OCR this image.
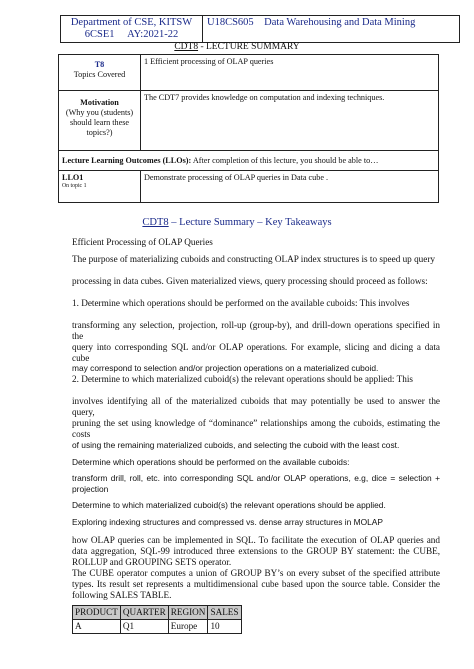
Department of CSE, KITSW
6CSE1     AY:2021-22
	U18CS605    Data Warehousing and Data Mining
CDT8 - LECTURE SUMMARY
T8
Topics Covered	1 Efficient processing of OLAP queries

Motivation
(Why you (students) should learn these topics?)	The CDT7 provides knowledge on computation and indexing techniques.
Lecture Learning Outcomes (LLOs): After completion of this lecture, you should be able to…	

LLO1
On topic 1	Demonstrate processing of OLAP queries in Data cube .
CDT8 – Lecture Summary – Key Takeaways
Efficient Processing of OLAP Queries
The purpose of materializing cuboids and constructing OLAP index structures is to speed up query
processing in data cubes. Given materialized views, query processing should proceed as follows:
1. Determine which operations should be performed on the available cuboids: This involves
transforming any selection, projection, roll-up (group-by), and drill-down operations specified in the
query into corresponding SQL and/or OLAP operations. For example, slicing and dicing a data cube
may correspond to selection and/or projection operations on a materialized cuboid.
2. Determine to which materialized cuboid(s) the relevant operations should be applied: This
involves identifying all of the materialized cuboids that may potentially be used to answer the query,
pruning the set using knowledge of “dominance” relationships among the cuboids, estimating the costs
of using the remaining materialized cuboids, and selecting the cuboid with the least cost.
Determine which operations should be performed on the available cuboids:
transform drill, roll, etc. into corresponding SQL and/or OLAP operations, e.g, dice = selection + projection
Determine to which materialized cuboid(s) the relevant operations should be applied.
Exploring indexing structures and compressed vs. dense array structures in MOLAP
how OLAP queries can be implemented in SQL. To facilitate the execution of OLAP queries and data aggregation, SQL-99 introduced three extensions to the GROUP BY statement: the CUBE, ROLLUP and GROUPING SETS operator.
The CUBE operator computes a union of GROUP BY’s on every subset of the specified attribute types. Its result set represents a multidimensional cube based upon the source table. Consider the following SALES TABLE.
PRODUCT	QUARTER	REGION	SALES
A	Q1	Europe	10
